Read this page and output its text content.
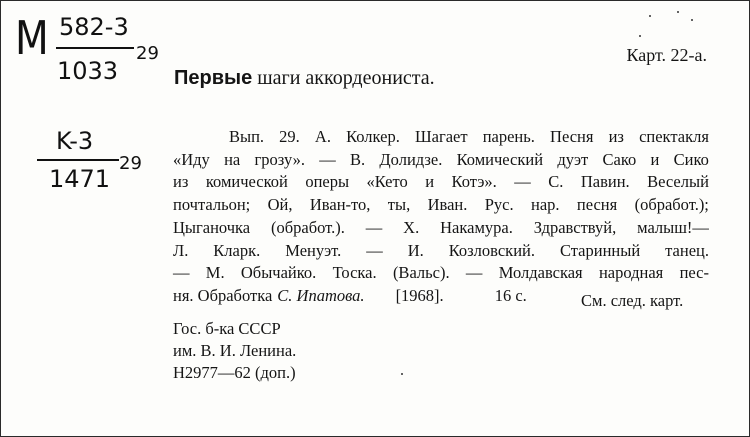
M 582-3
1033
29
K-3
1471
29
Карт. 22-а.
Первые шаги аккордеониста.
Вып. 29. А. Колкер. Шагает парень. Песня из спектакля
«Иду на грозу». — В. Долидзе. Комический дуэт Сако и Сико
из комической оперы «Кето и Котэ». — С. Павин. Веселый
почтальон; Ой, Иван-то, ты, Иван. Рус. нар. песня (обработ.);
Цыганочка (обработ.). — Х. Накамура. Здравствуй, малыш!—
Л. Кларк. Менуэт. — И. Козловский. Старинный танец.
— М. Обычайко. Тоска. (Вальс). — Молдавская народная пес-
ня. Обработка С. Ипатова. [1968].	16 с.	См. след. карт.
Гос. б-ка СССР
им. В. И. Ленина.
Н2977—62 (доп.)
